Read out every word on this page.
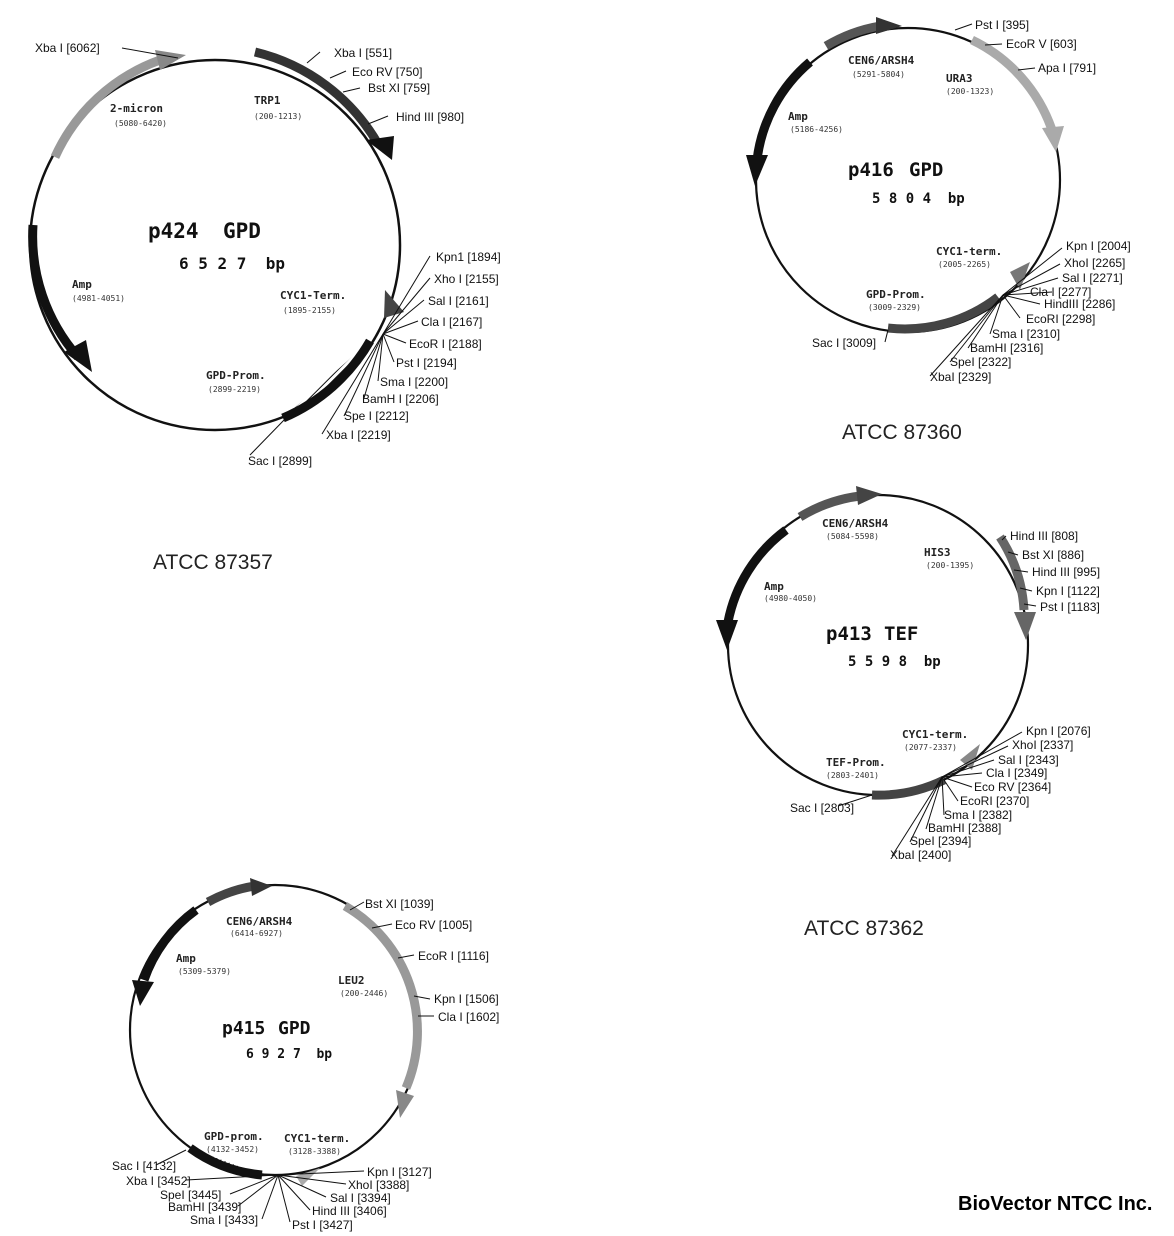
p424 GPD
6 5 2 7  bp
TRP1
(200-1213)
2-micron
(5080-6420)
Amp
(4981-4051)	CYC1-Term.
(1895-2155)
GPD-Prom.
(2899-2219)
Xba I [6062]	Xba I [551]
Eco RV [750]
Bst XI [759]
Hind III [980]
Kpn1 [1894]
Xho I [2155]
Sal I [2161]
Cla I [2167]
EcoR I [2188]
Pst I [2194]
Sma I [2200]
BamH I [2206]
Spe I [2212]
Xba I [2219]
Sac I [2899]
ATCC 87357
p416 GPD
5 8 0 4  bp
CEN6/ARSH4
(5291-5804)	URA3
(200-1323)
Amp
(5186-4256)
CYC1-term.
(2005-2265)
GPD-Prom.
(3009-2329)
Pst I [395]
EcoR V [603]
Apa I [791]
Kpn I [2004]
XhoI [2265]
Sal I [2271]
Cla I [2277]
HindIII [2286]
EcoRI [2298]
Sma I [2310]
BamHI [2316]
SpeI [2322]
XbaI [2329]
Sac I [3009]
ATCC 87360
p413 TEF
5 5 9 8  bp
CEN6/ARSH4
(5084-5598)
HIS3
(200-1395)
Amp
(4980-4050)
CYC1-term.
(2077-2337)
TEF-Prom.
(2803-2401)
Hind III [808]
Bst XI [886]
Hind III [995]
Kpn I [1122]
Pst I [1183]
Kpn I [2076]
XhoI [2337]
Sal I [2343]
Cla I [2349]
Eco RV [2364]
EcoRI [2370]
Sma I [2382]
BamHI [2388]
SpeI [2394]
XbaI [2400]
Sac I [2803]
ATCC 87362
p415 GPD
6 9 2 7  bp
CEN6/ARSH4
(6414-6927)
LEU2
(200-2446)
Amp
(5309-5379)
GPD-prom.
(4132-3452)
CYC1-term.
(3128-3388)
Bst XI [1039]
Eco RV [1005]
EcoR I [1116]
Kpn I [1506]
Cla I [1602]
Sac I [4132]
Xba I [3452]
SpeI [3445]
BamHI [3439]
Sma I [3433]	Pst I [3427]
Kpn I [3127]
XhoI [3388]
Sal I [3394]
Hind III [3406]	BioVector NTCC Inc.
